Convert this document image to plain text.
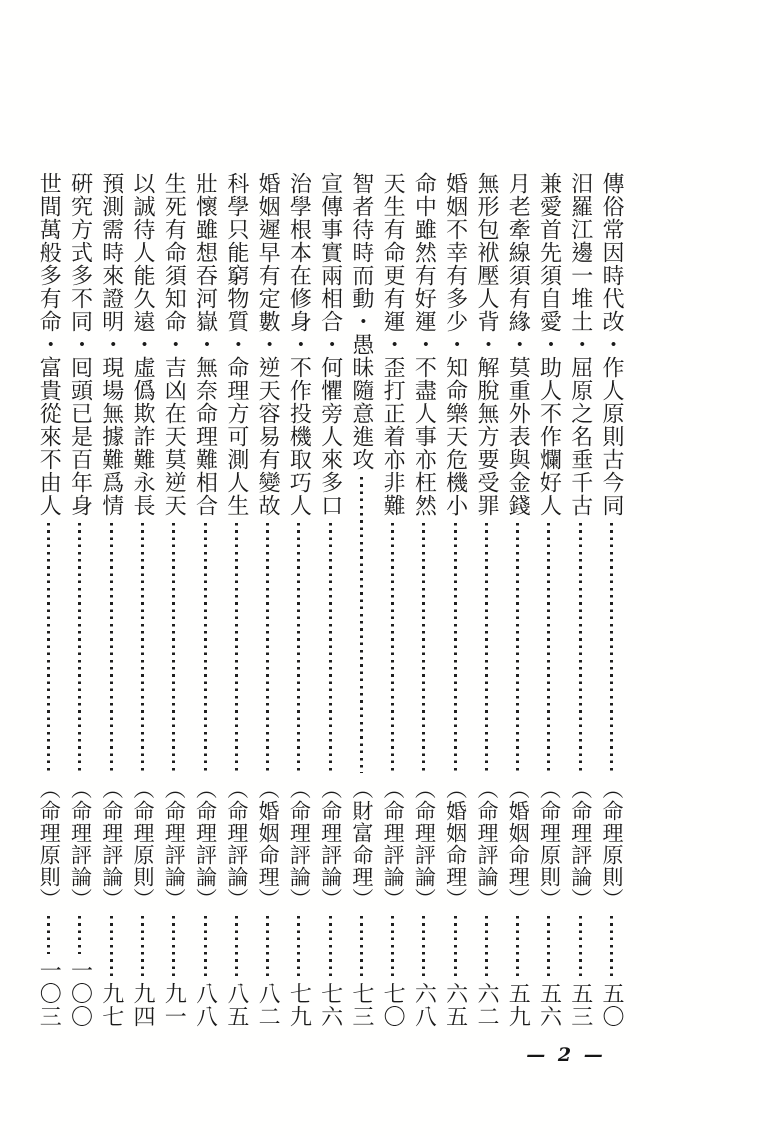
傳俗常因時代改・作人原則古今同
（命理原則）
五〇
汨羅江邊一堆土・屈原之名垂千古
（命理評論）
五三
兼愛首先須自愛・助人不作爛好人
（命理原則）
五六
月老牽線須有緣・莫重外表與金錢
（婚姻命理）
五九
無形包袱壓人背・解脫無方要受罪
（命理評論）
六二
婚姻不幸有多少・知命樂天危機小
（婚姻命理）
六五
命中雖然有好運・不盡人事亦枉然
（命理評論）
六八
天生有命更有運・歪打正着亦非難
（命理評論）
七〇
智者待時而動・愚昧隨意進攻
（財富命理）
七三
宣傳事實兩相合・何懼旁人來多口
（命理評論）
七六
治學根本在修身・不作投機取巧人
（命理評論）
七九
婚姻遲早有定數・逆天容易有變故
（婚姻命理）
八二
科學只能窮物質・命理方可測人生
（命理評論）
八五
壯懷雖想吞河嶽・無奈命理難相合
（命理評論）
八八
生死有命須知命・吉凶在天莫逆天
（命理評論）
九一
以誠待人能久遠・虛僞欺詐難永長
（命理原則）
九四
預測需時來證明・現場無據難爲情
（命理評論）
九七
硏究方式多不同・囘頭已是百年身
（命理評論）
一〇〇
世間萬般多有命・富貴從來不由人
（命理原則）
一〇三
— 2 —
